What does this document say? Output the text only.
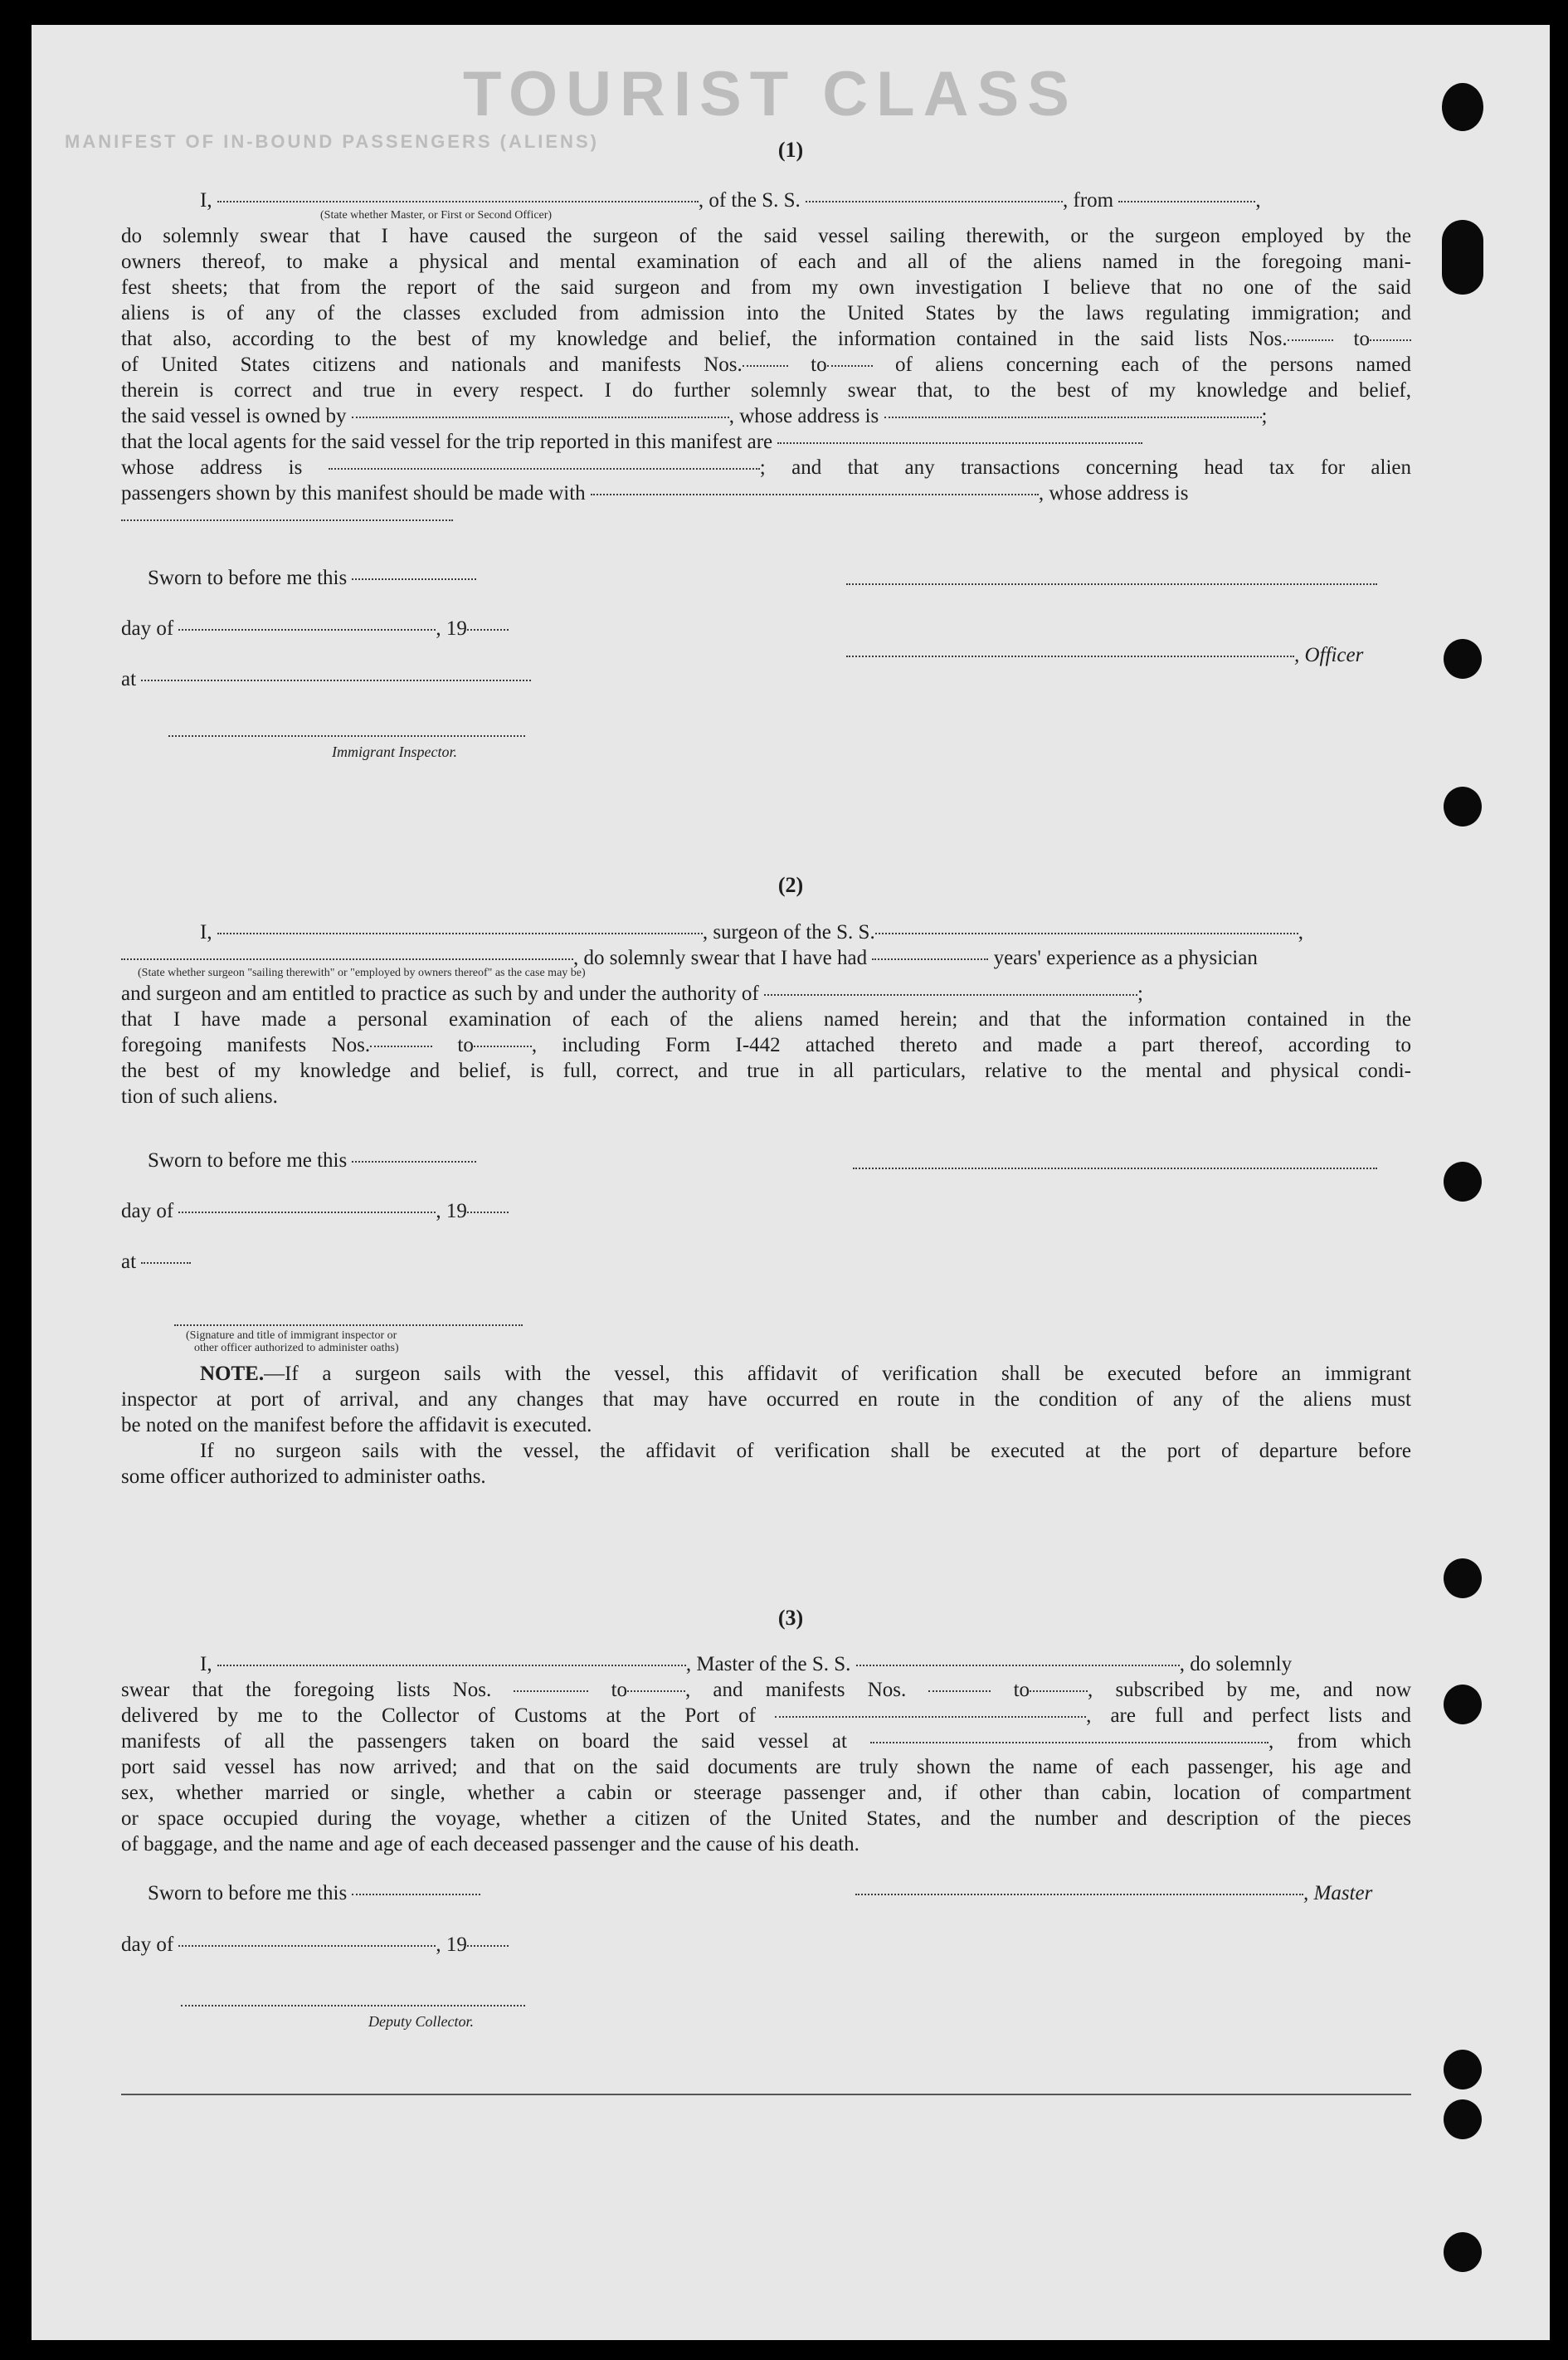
TOURIST CLASS
MANIFEST OF IN-BOUND PASSENGERS (ALIENS)	(1)
I,	, of the S. S.	, from	,
(State whether Master, or First or Second Officer)
do solemnly swear that I have caused the surgeon of the said vessel sailing therewith, or the surgeon employed by the
owners thereof, to make a physical and mental examination of each and all of the aliens named in the foregoing mani-
fest sheets; that from the report of the said surgeon and from my own investigation I believe that no one of the said
aliens is of any of the classes excluded from admission into the United States by the laws regulating immigration; and
that also, according to the best of my knowledge and belief, the information contained in the said lists Nos.	to
of United States citizens and nationals and manifests Nos.	to	of aliens concerning each of the persons named
therein is correct and true in every respect. I do further solemnly swear that, to the best of my knowledge and belief,
the said vessel is owned by	, whose address is	;
that the local agents for the said vessel for the trip reported in this manifest are
whose address is	; and that any transactions concerning head tax for alien
passengers shown by this manifest should be made with	, whose address is
Sworn to before me this
day of	, 19
, Officer
at
Immigrant Inspector.
(2)
I,	, surgeon of the S. S.	,
, do solemnly swear that I have had	years' experience as a physician
(State whether surgeon "sailing therewith" or "employed by owners thereof" as the case may be)
and surgeon and am entitled to practice as such by and under the authority of	;
that I have made a personal examination of each of the aliens named herein; and that the information contained in the
foregoing manifests Nos.	to	, including Form I-442 attached thereto and made a part thereof, according to
the best of my knowledge and belief, is full, correct, and true in all particulars, relative to the mental and physical condi-
tion of such aliens.
Sworn to before me this
day of	, 19
at
(Signature and title of immigrant inspector or
other officer authorized to administer oaths)
NOTE.—If a surgeon sails with the vessel, this affidavit of verification shall be executed before an immigrant
inspector at port of arrival, and any changes that may have occurred en route in the condition of any of the aliens must
be noted on the manifest before the affidavit is executed.
If no surgeon sails with the vessel, the affidavit of verification shall be executed at the port of departure before
some officer authorized to administer oaths.
(3)
I,	, Master of the S. S.	, do solemnly
swear that the foregoing lists Nos.	to	, and manifests Nos.	to	, subscribed by me, and now
delivered by me to the Collector of Customs at the Port of	, are full and perfect lists and
manifests of all the passengers taken on board the said vessel at	, from which
port said vessel has now arrived; and that on the said documents are truly shown the name of each passenger, his age and
sex, whether married or single, whether a cabin or steerage passenger and, if other than cabin, location of compartment
or space occupied during the voyage, whether a citizen of the United States, and the number and description of the pieces
of baggage, and the name and age of each deceased passenger and the cause of his death.
Sworn to before me this	, Master
day of	, 19
Deputy Collector.
